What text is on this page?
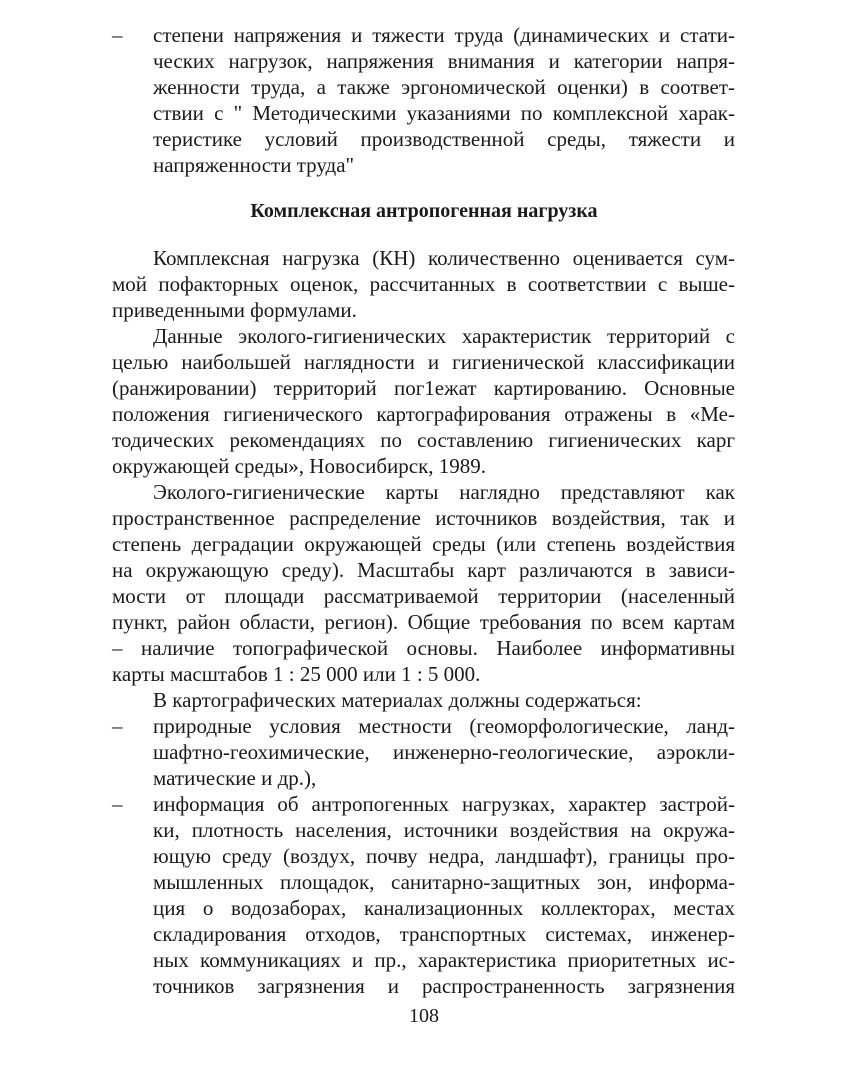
– степени напряжения и тяжести труда (динамических и стати-
ческих нагрузок, напряжения внимания и категории напря-
женности труда, а также эргономической оценки) в соответ-
ствии с " Методическими указаниями по комплексной харак-
теристике условий производственной среды, тяжести и
напряженности труда"
Комплексная антропогенная нагрузка
Комплексная нагрузка (КН) количественно оценивается сум-
мой пофакторных оценок, рассчитанных в соответствии с выше-
приведенными формулами.
Данные эколого-гигиенических характеристик территорий с
целью наибольшей наглядности и гигиенической классификации
(ранжировании) территорий пог1ежат картированию. Основные
положения гигиенического картографирования отражены в «Ме-
тодических рекомендациях по составлению гигиенических карг
окружающей среды», Новосибирск, 1989.
Эколого-гигиенические карты наглядно представляют как
пространственное распределение источников воздействия, так и
степень деградации окружающей среды (или степень воздействия
на окружающую среду). Масштабы карт различаются в зависи-
мости от площади рассматриваемой территории (населенный
пункт, район области, регион). Общие требования по всем картам
– наличие топографической основы. Наиболее информативны
карты масштабов 1 : 25 000 или 1 : 5 000.
В картографических материалах должны содержаться:
– природные условия местности (геоморфологические, ланд-
шафтно-геохимические, инженерно-геологические, аэрокли-
матические и др.),
– информация об антропогенных нагрузках, характер застрой-
ки, плотность населения, источники воздействия на окружа-
ющую среду (воздух, почву недра, ландшафт), границы про-
мышленных площадок, санитарно-защитных зон, информа-
ция о водозаборах, канализационных коллекторах, местах
складирования отходов, транспортных системах, инженер-
ных коммуникациях и пр., характеристика приоритетных ис-
точников загрязнения и распространенность загрязнения
108
